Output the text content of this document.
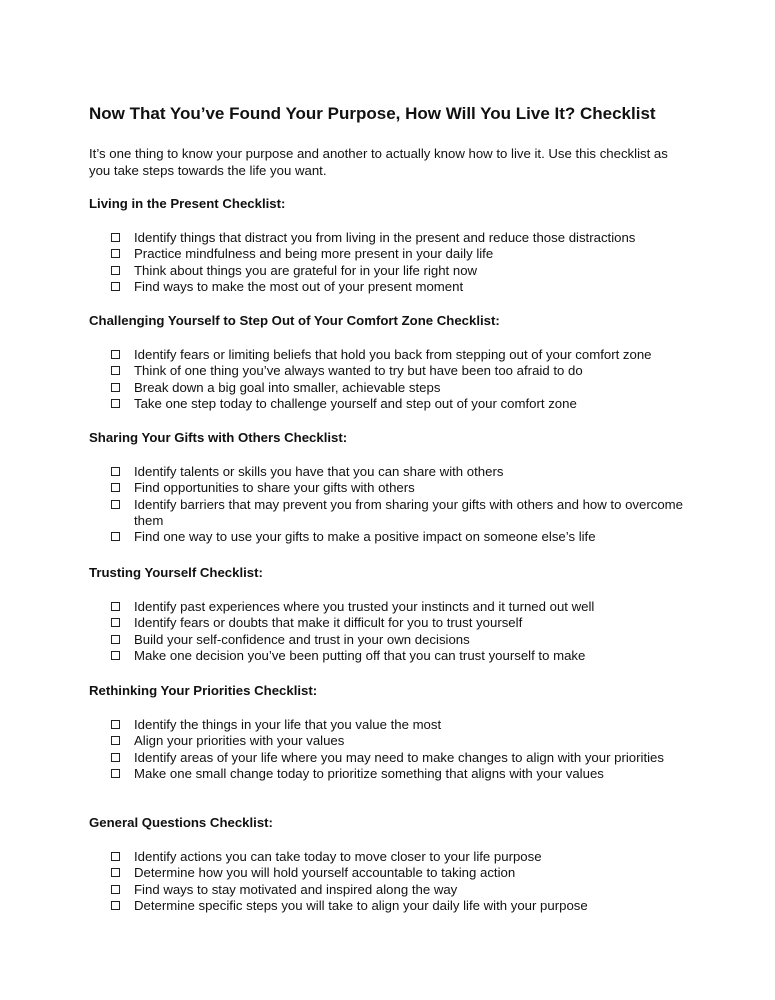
Now That You’ve Found Your Purpose, How Will You Live It? Checklist
It’s one thing to know your purpose and another to actually know how to live it. Use this checklist as you take steps towards the life you want.
Living in the Present Checklist:
Identify things that distract you from living in the present and reduce those distractions
Practice mindfulness and being more present in your daily life
Think about things you are grateful for in your life right now
Find ways to make the most out of your present moment
Challenging Yourself to Step Out of Your Comfort Zone Checklist:
Identify fears or limiting beliefs that hold you back from stepping out of your comfort zone
Think of one thing you’ve always wanted to try but have been too afraid to do
Break down a big goal into smaller, achievable steps
Take one step today to challenge yourself and step out of your comfort zone
Sharing Your Gifts with Others Checklist:
Identify talents or skills you have that you can share with others
Find opportunities to share your gifts with others
Identify barriers that may prevent you from sharing your gifts with others and how to overcome them
Find one way to use your gifts to make a positive impact on someone else’s life
Trusting Yourself Checklist:
Identify past experiences where you trusted your instincts and it turned out well
Identify fears or doubts that make it difficult for you to trust yourself
Build your self-confidence and trust in your own decisions
Make one decision you’ve been putting off that you can trust yourself to make
Rethinking Your Priorities Checklist:
Identify the things in your life that you value the most
Align your priorities with your values
Identify areas of your life where you may need to make changes to align with your priorities
Make one small change today to prioritize something that aligns with your values
General Questions Checklist:
Identify actions you can take today to move closer to your life purpose
Determine how you will hold yourself accountable to taking action
Find ways to stay motivated and inspired along the way
Determine specific steps you will take to align your daily life with your purpose
